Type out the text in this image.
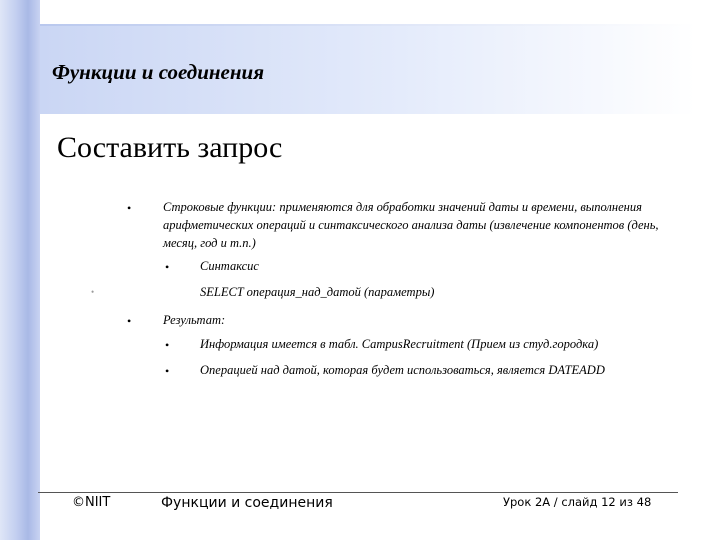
Функции и соединения
Составить запрос
•	Строковые функции: применяются для обработки значений даты и времени, выполнения арифметических операций и синтаксического анализа даты (извлечение компонентов (день, месяц, год и т.п.)
• Синтаксис
•	SELECT операция_над_датой (параметры)
•	Результат:
• Информация имеется в табл. CampusRecruitment (Прием из студ.городка)
• Операцией над датой, которая будет использоваться, является DATEADD
©NIIT	Функции и соединения	Урок 2А / слайд 12 из 48
